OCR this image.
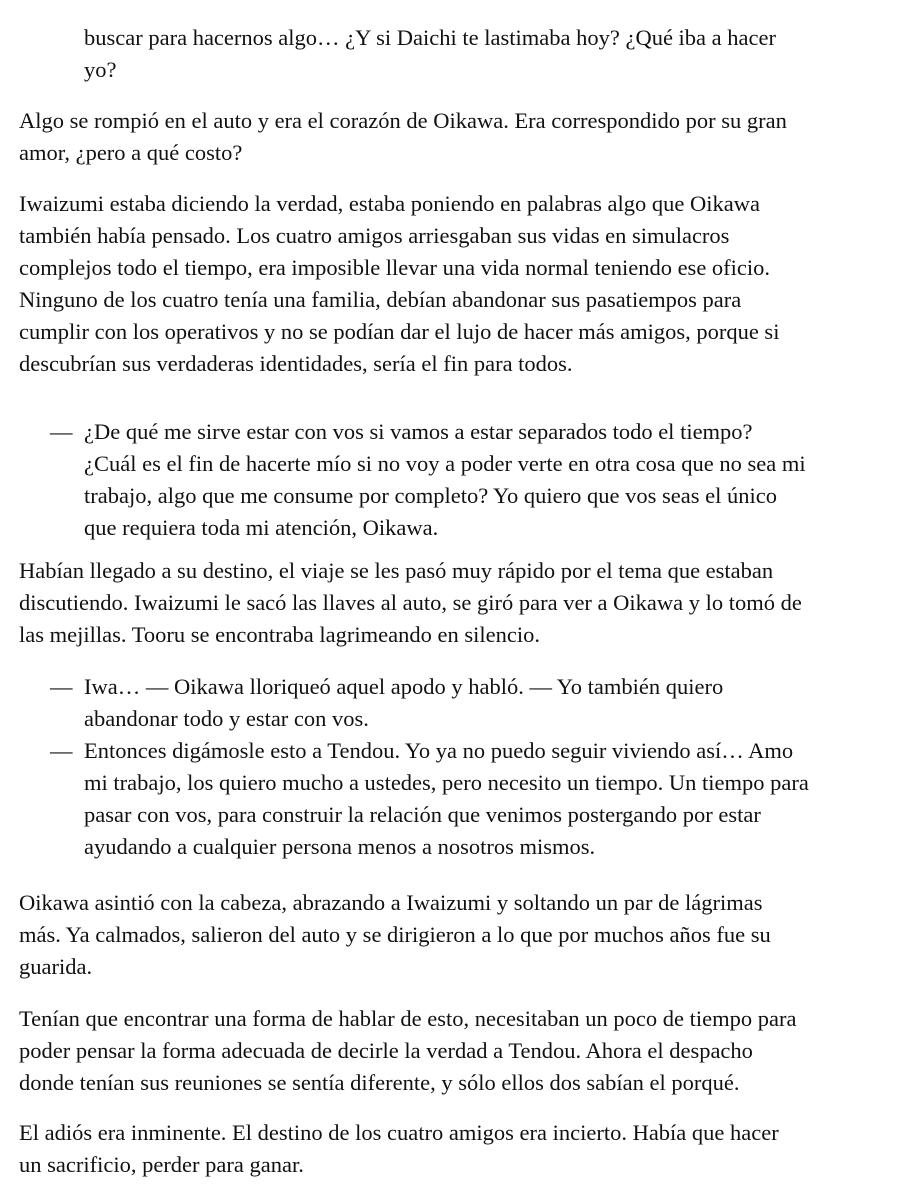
buscar para hacernos algo… ¿Y si Daichi te lastimaba hoy? ¿Qué iba a hacer
yo?
Algo se rompió en el auto y era el corazón de Oikawa. Era correspondido por su gran
amor, ¿pero a qué costo?
Iwaizumi estaba diciendo la verdad, estaba poniendo en palabras algo que Oikawa
también había pensado. Los cuatro amigos arriesgaban sus vidas en simulacros
complejos todo el tiempo, era imposible llevar una vida normal teniendo ese oficio.
Ninguno de los cuatro tenía una familia, debían abandonar sus pasatiempos para
cumplir con los operativos y no se podían dar el lujo de hacer más amigos, porque si
descubrían sus verdaderas identidades, sería el fin para todos.
— ¿De qué me sirve estar con vos si vamos a estar separados todo el tiempo?
¿Cuál es el fin de hacerte mío si no voy a poder verte en otra cosa que no sea mi
trabajo, algo que me consume por completo? Yo quiero que vos seas el único
que requiera toda mi atención, Oikawa.
Habían llegado a su destino, el viaje se les pasó muy rápido por el tema que estaban
discutiendo. Iwaizumi le sacó las llaves al auto, se giró para ver a Oikawa y lo tomó de
las mejillas. Tooru se encontraba lagrimeando en silencio.
— Iwa… — Oikawa lloriqueó aquel apodo y habló. — Yo también quiero
abandonar todo y estar con vos.
— Entonces digámosle esto a Tendou. Yo ya no puedo seguir viviendo así… Amo
mi trabajo, los quiero mucho a ustedes, pero necesito un tiempo. Un tiempo para
pasar con vos, para construir la relación que venimos postergando por estar
ayudando a cualquier persona menos a nosotros mismos.
Oikawa asintió con la cabeza, abrazando a Iwaizumi y soltando un par de lágrimas
más. Ya calmados, salieron del auto y se dirigieron a lo que por muchos años fue su
guarida.
Tenían que encontrar una forma de hablar de esto, necesitaban un poco de tiempo para
poder pensar la forma adecuada de decirle la verdad a Tendou. Ahora el despacho
donde tenían sus reuniones se sentía diferente, y sólo ellos dos sabían el porqué.
El adiós era inminente. El destino de los cuatro amigos era incierto. Había que hacer
un sacrificio, perder para ganar.
